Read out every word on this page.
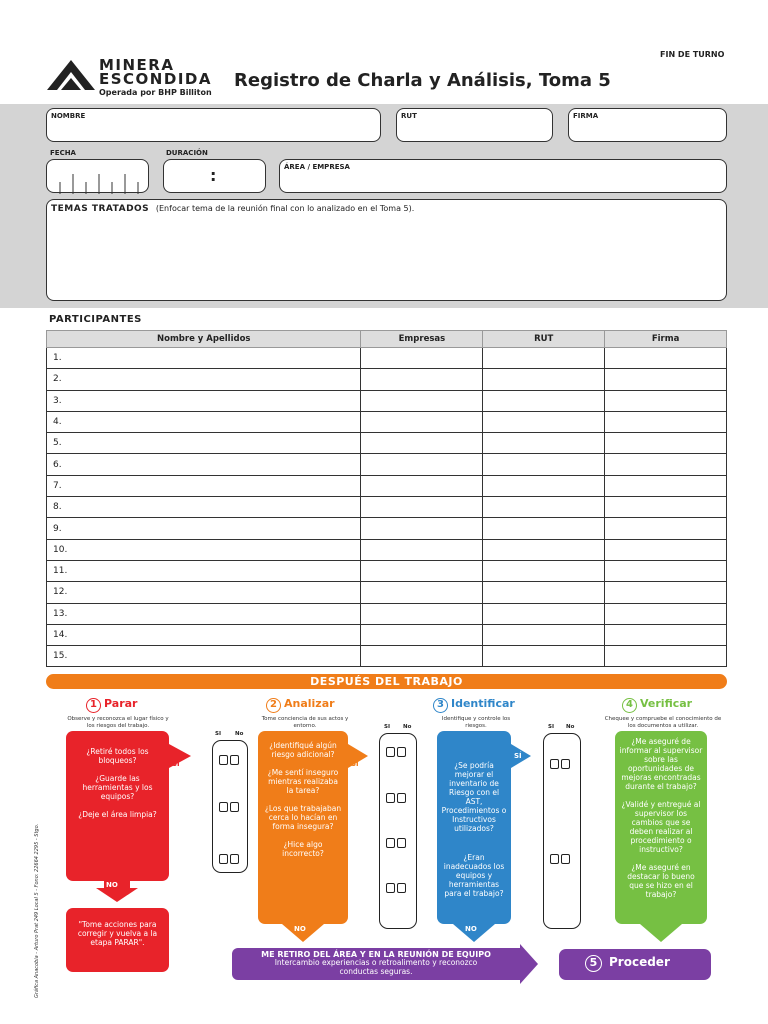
MINERA
ESCONDIDA
Operada por BHP Billiton
Registro de Charla y Análisis, Toma 5
FIN DE TURNO
NOMBRE	RUT	FIRMA
FECHA	DURACIÓN
:	ÁREA / EMPRESA
TEMAS TRATADOS (Enfocar tema de la reunión final con lo analizado en el Toma 5).
PARTICIPANTES
Nombre y Apellidos	Empresas	RUT	Firma
1.			
2.			
3.			
4.			
5.			
6.			
7.			
8.			
9.			
10.			
11.			
12.			
13.			
14.			
15.			
DESPUÉS DEL TRABAJO	Versión 3.1
Gráfica Anacobia - Arturo Prat 249 Local 5 - Fono: 22664 2295 - Stgo.
1 Parar
Observe y reconozca el lugar físico y los riesgos del trabajo.

¿Retiré todos los bloqueos?

¿Guarde las herramientas y los equipos?

¿Deje el área limpia?

SÍ
NO
"Tome acciones para corregir y vuelva a la etapa PARAR".
SI	No
2 Analizar
Tome conciencia de sus actos y entorno.

¿Identifiqué algún riesgo adicional?

¿Me sentí inseguro mientras realizaba la tarea?

¿Los que trabajaban cerca lo hacían en forma insegura?

¿Hice algo incorrecto?

SÍ
NO
SI No
3 Identificar
Identifique y controle los riesgos.

¿Se podría mejorar el inventario de Riesgo con el AST, Procedimientos o Instructivos utilizados?

¿Eran inadecuados los equipos y herramientas para el trabajo?

SÍ
NO
SI No
4 Verificar
Chequee y compruebe el conocimiento de los documentos a utilizar.

¿Me aseguré de informar al supervisor sobre las oportunidades de mejoras encontradas durante el trabajo?

¿Validé y entregué al supervisor los cambios que se deben realizar al procedimiento o instructivo?

¿Me aseguré en destacar lo bueno que se hizo en el trabajo?

ME RETIRO DEL ÁREA Y EN LA REUNIÓN DE EQUIPO
Intercambio experiencias o retroalimento y reconozco conductas seguras.
5 Proceder
